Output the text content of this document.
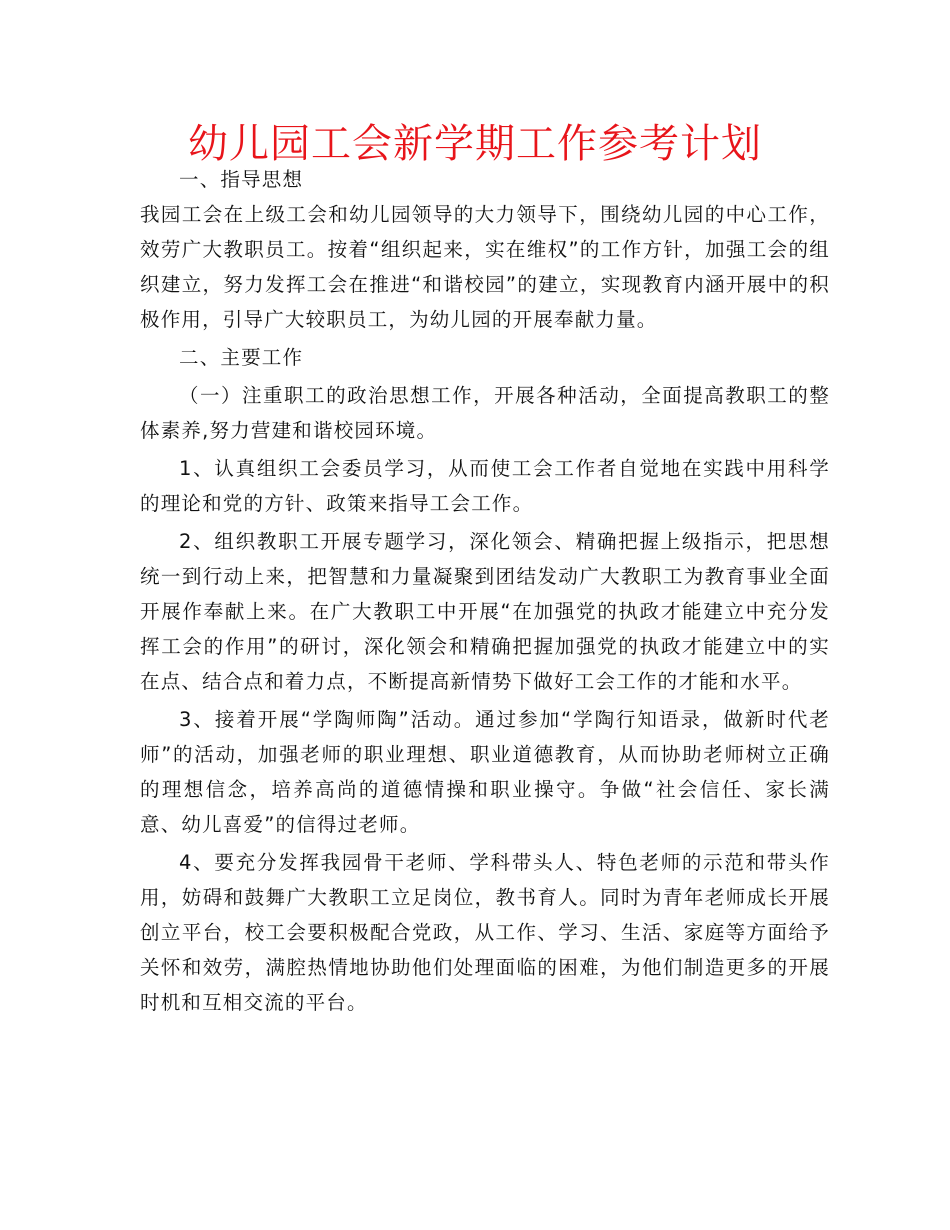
幼儿园工会新学期工作参考计划

一、指导思想

我园工会在上级工会和幼儿园领导的大力领导下，围绕幼儿园的中心工作，效劳广大教职员工。按着“组织起来，实在维权”的工作方针，加强工会的组织建立，努力发挥工会在推进“和谐校园”的建立，实现教育内涵开展中的积极作用，引导广大较职员工，为幼儿园的开展奉献力量。

二、主要工作

（一）注重职工的政治思想工作，开展各种活动，全面提高教职工的整体素养,努力营建和谐校园环境。

1、认真组织工会委员学习，从而使工会工作者自觉地在实践中用科学的理论和党的方针、政策来指导工会工作。

2、组织教职工开展专题学习，深化领会、精确把握上级指示，把思想统一到行动上来，把智慧和力量凝聚到团结发动广大教职工为教育事业全面开展作奉献上来。在广大教职工中开展“在加强党的执政才能建立中充分发挥工会的作用”的研讨，深化领会和精确把握加强党的执政才能建立中的实在点、结合点和着力点，不断提高新情势下做好工会工作的才能和水平。

3、接着开展“学陶师陶”活动。通过参加“学陶行知语录，做新时代老师”的活动，加强老师的职业理想、职业道德教育，从而协助老师树立正确的理想信念，培养高尚的道德情操和职业操守。争做“社会信任、家长满意、幼儿喜爱”的信得过老师。

4、要充分发挥我园骨干老师、学科带头人、特色老师的示范和带头作用，妨碍和鼓舞广大教职工立足岗位，教书育人。同时为青年老师成长开展创立平台，校工会要积极配合党政，从工作、学习、生活、家庭等方面给予关怀和效劳，满腔热情地协助他们处理面临的困难，为他们制造更多的开展时机和互相交流的平台。
